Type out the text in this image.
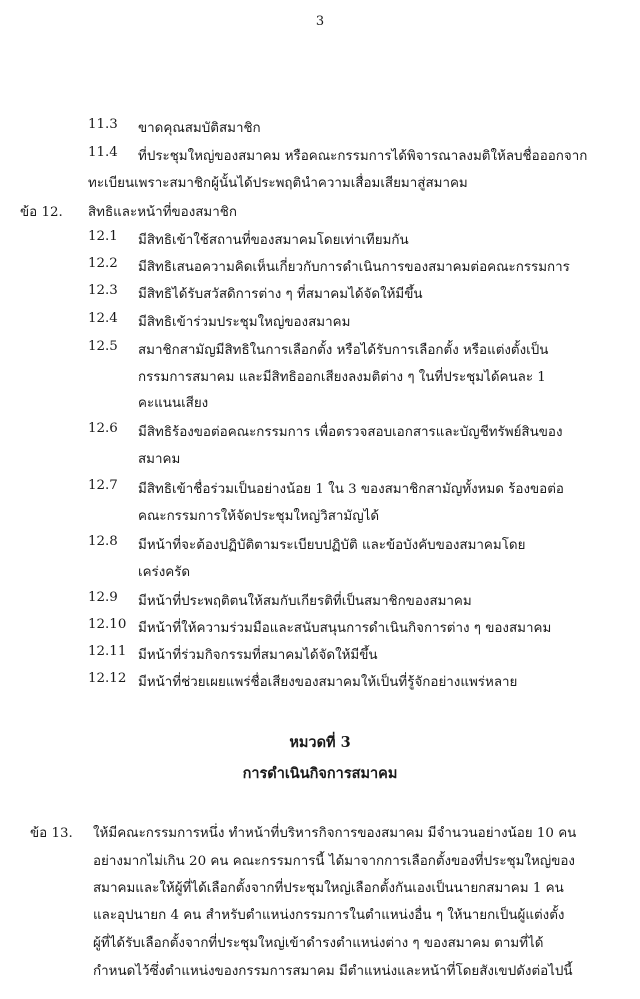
3
11.3 ขาดคุณสมบัติสมาชิก
11.4 ที่ประชุมใหญ่ของสมาคม หรือคณะกรรมการได้พิจารณาลงมติให้ลบชื่อออกจาก
ทะเบียนเพราะสมาชิกผู้นั้นได้ประพฤตินำความเสื่อมเสียมาสู่สมาคม
ข้อ 12. สิทธิและหน้าที่ของสมาชิก
12.1 มีสิทธิเข้าใช้สถานที่ของสมาคมโดยเท่าเทียมกัน
12.2 มีสิทธิเสนอความคิดเห็นเกี่ยวกับการดำเนินการของสมาคมต่อคณะกรรมการ
12.3 มีสิทธิได้รับสวัสดิการต่าง ๆ ที่สมาคมได้จัดให้มีขึ้น
12.4 มีสิทธิเข้าร่วมประชุมใหญ่ของสมาคม
12.5 สมาชิกสามัญมีสิทธิในการเลือกตั้ง หรือได้รับการเลือกตั้ง หรือแต่งตั้งเป็น
กรรมการสมาคม และมีสิทธิออกเสียงลงมติต่าง ๆ ในที่ประชุมได้คนละ 1
คะแนนเสียง
12.6 มีสิทธิร้องขอต่อคณะกรรมการ เพื่อตรวจสอบเอกสารและบัญชีทรัพย์สินของ
สมาคม
12.7 มีสิทธิเข้าชื่อร่วมเป็นอย่างน้อย 1 ใน 3 ของสมาชิกสามัญทั้งหมด ร้องขอต่อ
คณะกรรมการให้จัดประชุมใหญ่วิสามัญได้
12.8 มีหน้าที่จะต้องปฏิบัติตามระเบียบปฏิบัติ และข้อบังคับของสมาคมโดย
เคร่งครัด
12.9 มีหน้าที่ประพฤติตนให้สมกับเกียรติที่เป็นสมาชิกของสมาคม
12.10 มีหน้าที่ให้ความร่วมมือและสนับสนุนการดำเนินกิจการต่าง ๆ ของสมาคม
12.11 มีหน้าที่ร่วมกิจกรรมที่สมาคมได้จัดให้มีขึ้น
12.12 มีหน้าที่ช่วยเผยแพร่ชื่อเสียงของสมาคมให้เป็นที่รู้จักอย่างแพร่หลาย
หมวดที่ 3
การดำเนินกิจการสมาคม
ข้อ 13. ให้มีคณะกรรมการหนึ่ง ทำหน้าที่บริหารกิจการของสมาคม มีจำนวนอย่างน้อย 10 คน
อย่างมากไม่เกิน 20 คน คณะกรรมการนี้ ได้มาจากการเลือกตั้งของที่ประชุมใหญ่ของ
สมาคมและให้ผู้ที่ได้เลือกตั้งจากที่ประชุมใหญ่เลือกตั้งกันเองเป็นนายกสมาคม 1 คน
และอุปนายก 4 คน สำหรับตำแหน่งกรรมการในตำแหน่งอื่น ๆ ให้นายกเป็นผู้แต่งตั้ง
ผู้ที่ได้รับเลือกตั้งจากที่ประชุมใหญ่เข้าดำรงตำแหน่งต่าง ๆ ของสมาคม ตามที่ได้
กำหนดไว้ซึ่งตำแหน่งของกรรมการสมาคม มีตำแหน่งและหน้าที่โดยสังเขปดังต่อไปนี้
